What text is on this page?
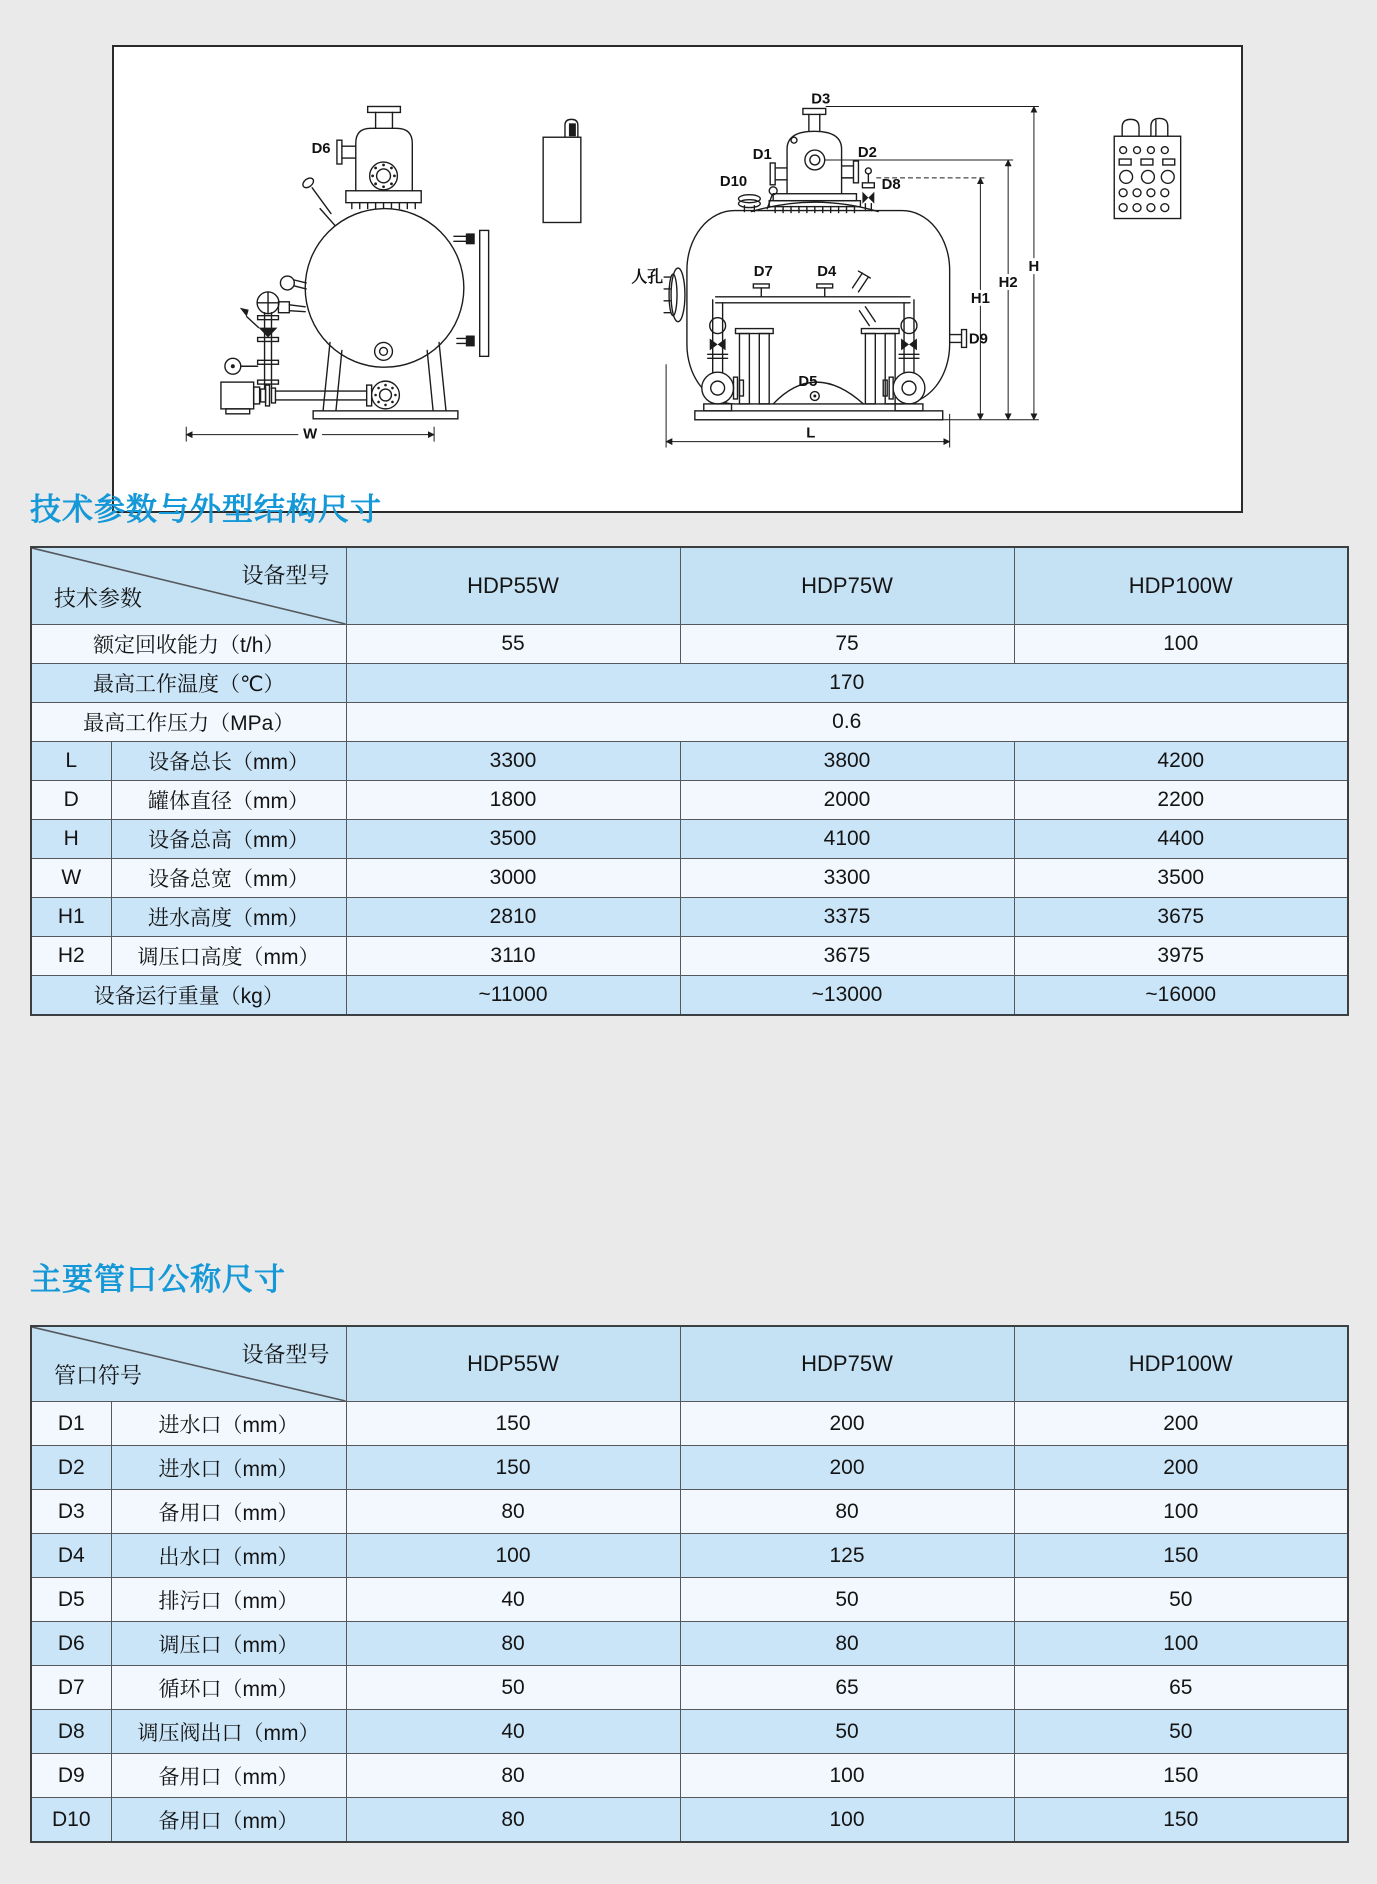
D6
D3
D1	D2
D10	D8
人孔	D7	D4
D9
D5
H
H2
H1
L
W
技术参数与外型结构尺寸
设备型号
技术参数		HDP55W	HDP75W	HDP100W
额定回收能力（t/h）		55	75	100
最高工作温度（℃）		170		
最高工作压力（MPa）		0.6		
L	设备总长（mm）	3300	3800	4200
D	罐体直径（mm）	1800	2000	2200
H	设备总高（mm）	3500	4100	4400
W	设备总宽（mm）	3000	3300	3500
H1	进水高度（mm）	2810	3375	3675
H2	调压口高度（mm）	3110	3675	3975
设备运行重量（kg）		~11000	~13000	~16000
主要管口公称尺寸
设备型号
管口符号		HDP55W	HDP75W	HDP100W
D1	进水口（mm）	150	200	200
D2	进水口（mm）	150	200	200
D3	备用口（mm）	80	80	100
D4	出水口（mm）	100	125	150
D5	排污口（mm）	40	50	50
D6	调压口（mm）	80	80	100
D7	循环口（mm）	50	65	65
D8	调压阀出口（mm）	40	50	50
D9	备用口（mm）	80	100	150
D10	备用口（mm）	80	100	150
